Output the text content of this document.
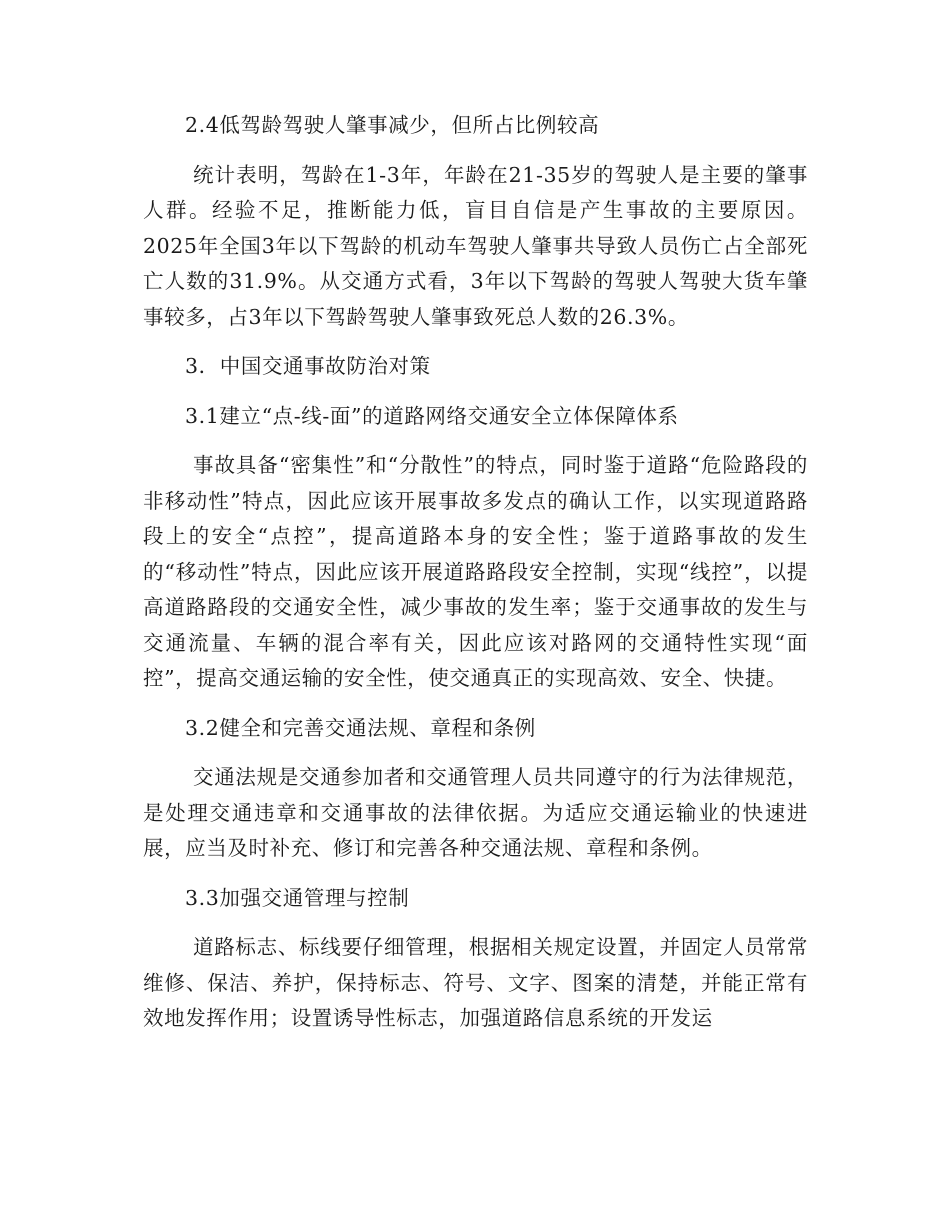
2.4低驾龄驾驶人肇事减少，但所占比例较高
统计表明，驾龄在1-3年，年龄在21-35岁的驾驶人是主要的肇事人群。经验不足，推断能力低，盲目自信是产生事故的主要原因。2025年全国3年以下驾龄的机动车驾驶人肇事共导致人员伤亡占全部死亡人数的31.9%。从交通方式看，3年以下驾龄的驾驶人驾驶大货车肇事较多，占3年以下驾龄驾驶人肇事致死总人数的26.3%。
3．中国交通事故防治对策
3.1建立“点-线-面”的道路网络交通安全立体保障体系
事故具备“密集性”和“分散性”的特点，同时鉴于道路“危险路段的非移动性”特点，因此应该开展事故多发点的确认工作，以实现道路路段上的安全“点控”，提高道路本身的安全性；鉴于道路事故的发生的“移动性”特点，因此应该开展道路路段安全控制，实现“线控”，以提高道路路段的交通安全性，减少事故的发生率；鉴于交通事故的发生与交通流量、车辆的混合率有关，因此应该对路网的交通特性实现“面控”，提高交通运输的安全性，使交通真正的实现高效、安全、快捷。
3.2健全和完善交通法规、章程和条例
交通法规是交通参加者和交通管理人员共同遵守的行为法律规范，是处理交通违章和交通事故的法律依据。为适应交通运输业的快速进展，应当及时补充、修订和完善各种交通法规、章程和条例。
3.3加强交通管理与控制
道路标志、标线要仔细管理，根据相关规定设置，并固定人员常常维修、保洁、养护，保持标志、符号、文字、图案的清楚，并能正常有效地发挥作用；设置诱导性标志，加强道路信息系统的开发运
